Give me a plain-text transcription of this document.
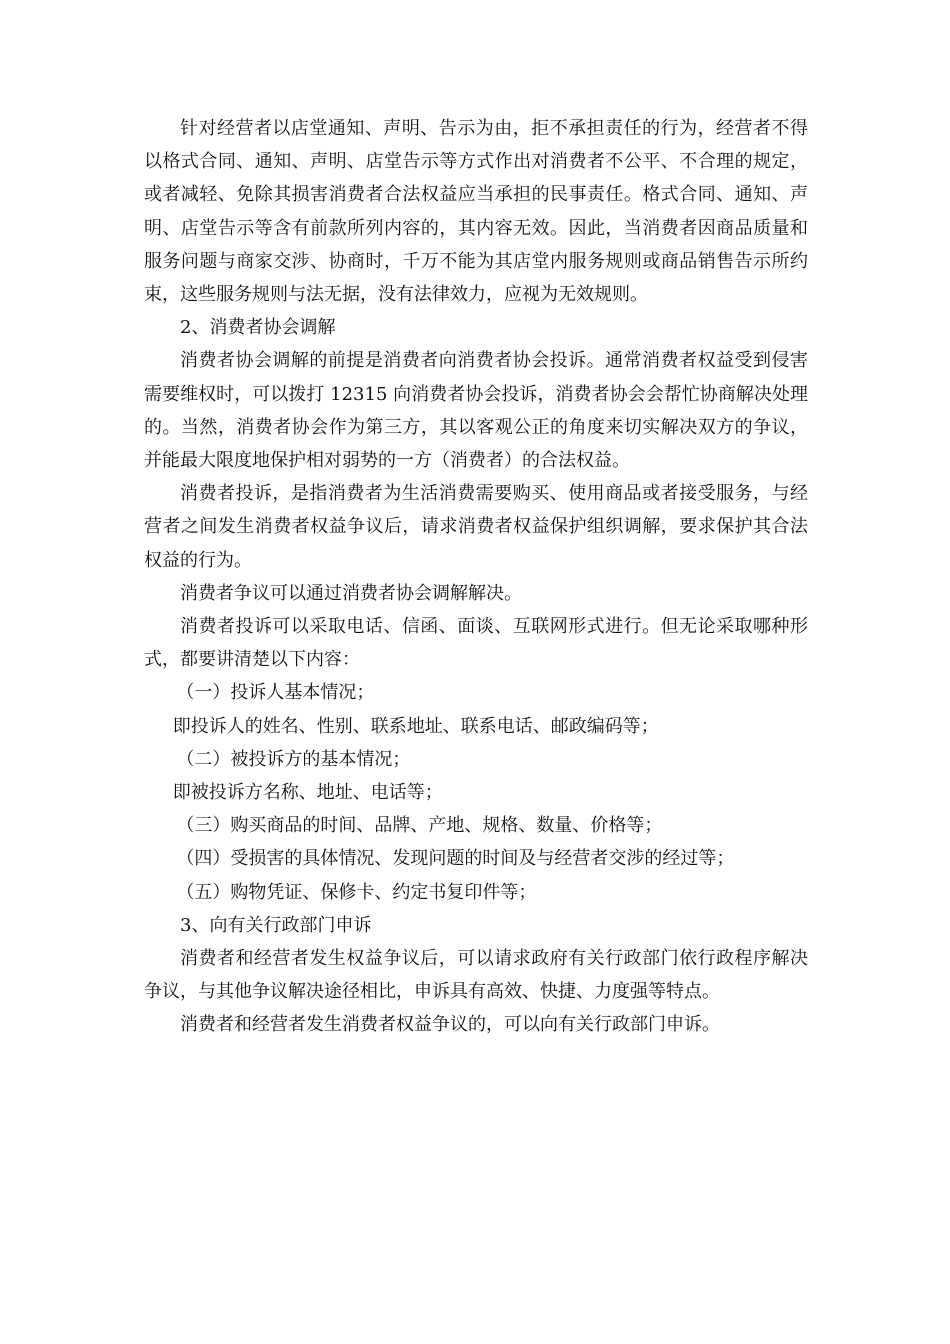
针对经营者以店堂通知、声明、告示为由，拒不承担责任的行为，经营者不得以格式合同、通知、声明、店堂告示等方式作出对消费者不公平、不合理的规定，或者减轻、免除其损害消费者合法权益应当承担的民事责任。格式合同、通知、声明、店堂告示等含有前款所列内容的，其内容无效。因此，当消费者因商品质量和服务问题与商家交涉、协商时，千万不能为其店堂内服务规则或商品销售告示所约束，这些服务规则与法无据，没有法律效力，应视为无效规则。

2、消费者协会调解

消费者协会调解的前提是消费者向消费者协会投诉。通常消费者权益受到侵害需要维权时，可以拨打 12315 向消费者协会投诉，消费者协会会帮忙协商解决处理的。当然，消费者协会作为第三方，其以客观公正的角度来切实解决双方的争议，并能最大限度地保护相对弱势的一方（消费者）的合法权益。

消费者投诉，是指消费者为生活消费需要购买、使用商品或者接受服务，与经营者之间发生消费者权益争议后，请求消费者权益保护组织调解，要求保护其合法权益的行为。

消费者争议可以通过消费者协会调解解决。

消费者投诉可以采取电话、信函、面谈、互联网形式进行。但无论采取哪种形式，都要讲清楚以下内容：

（一）投诉人基本情况；

即投诉人的姓名、性别、联系地址、联系电话、邮政编码等；

（二）被投诉方的基本情况；

即被投诉方名称、地址、电话等；

（三）购买商品的时间、品牌、产地、规格、数量、价格等；

（四）受损害的具体情况、发现问题的时间及与经营者交涉的经过等；

（五）购物凭证、保修卡、约定书复印件等；

3、向有关行政部门申诉

消费者和经营者发生权益争议后，可以请求政府有关行政部门依行政程序解决争议，与其他争议解决途径相比，申诉具有高效、快捷、力度强等特点。

消费者和经营者发生消费者权益争议的，可以向有关行政部门申诉。
